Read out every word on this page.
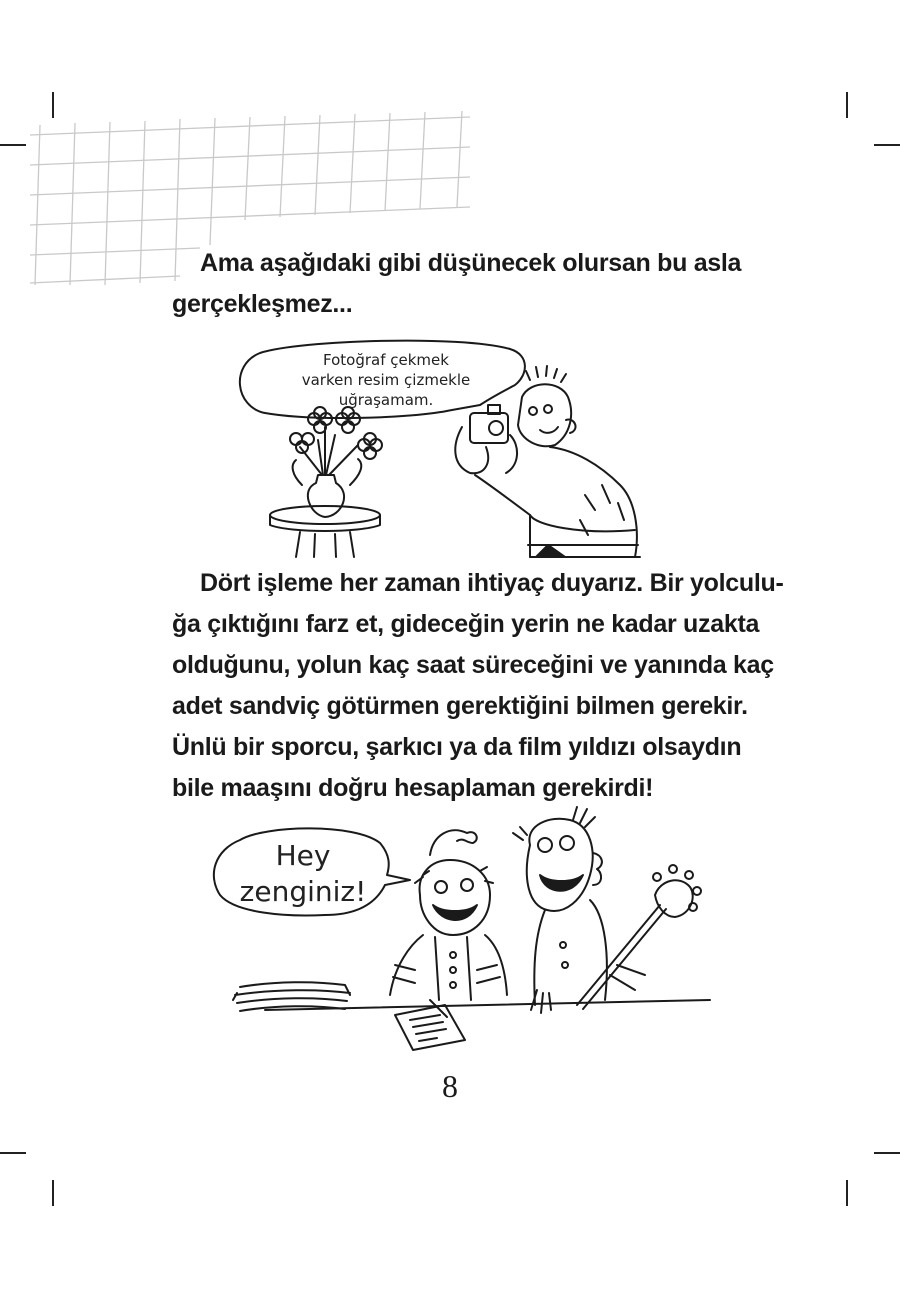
Ama aşağıdaki gibi düşünecek olursan bu asla
gerçekleşmez...
Fotoğraf çekmek
varken resim çizmekle
uğraşamam.
Dört işleme her zaman ihtiyaç duyarız. Bir yolculu-
ğa çıktığını farz et, gideceğin yerin ne kadar uzakta
olduğunu, yolun kaç saat süreceğini ve yanında kaç
adet sandviç götürmen gerektiğini bilmen gerekir.
Ünlü bir sporcu, şarkıcı ya da film yıldızı olsaydın
bile maaşını doğru hesaplaman gerekirdi!
Hey
zenginiz!
8
